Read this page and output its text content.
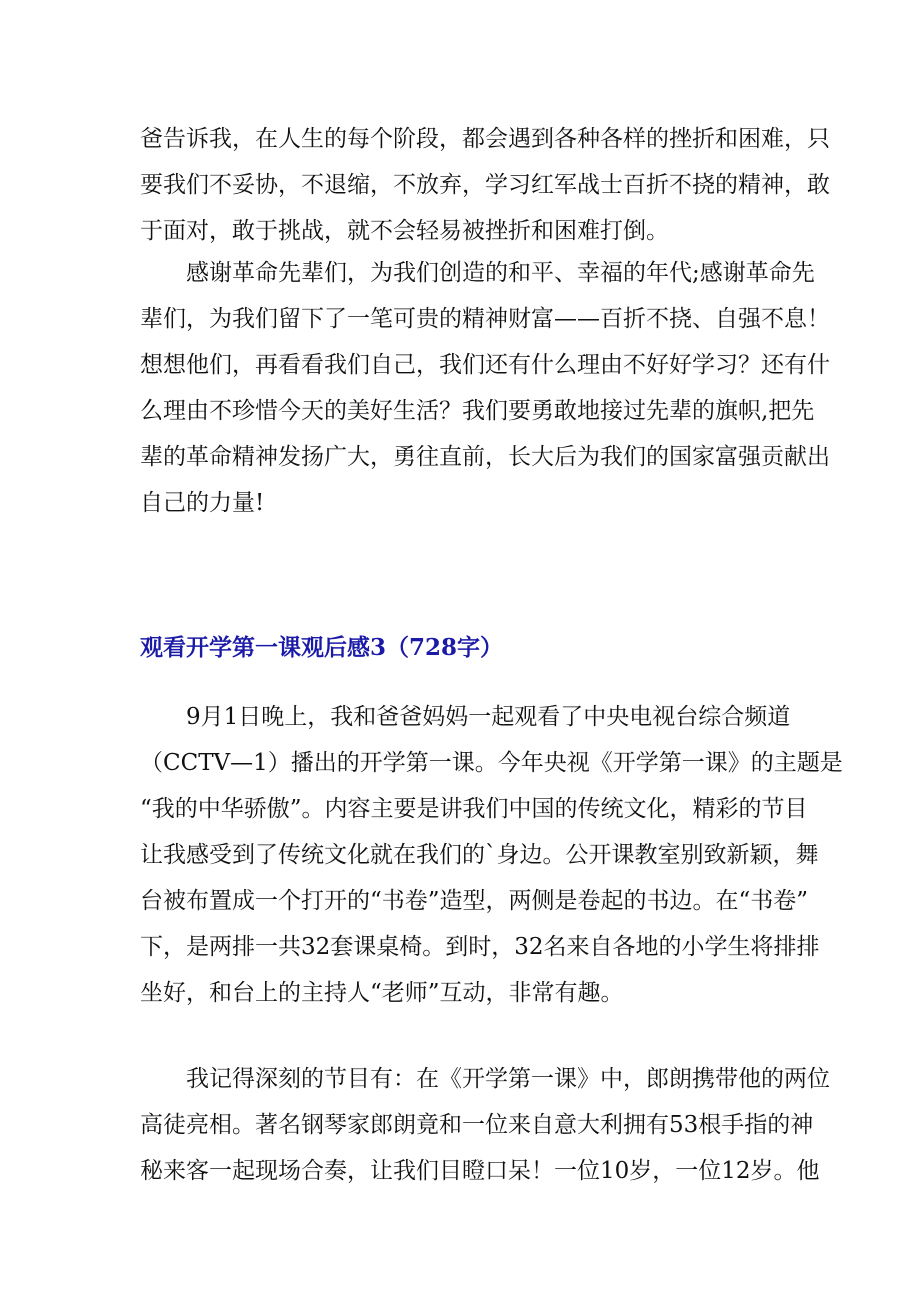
爸告诉我，在人生的每个阶段，都会遇到各种各样的挫折和困难，只
要我们不妥协，不退缩，不放弃，学习红军战士百折不挠的精神，敢
于面对，敢于挑战，就不会轻易被挫折和困难打倒。
感谢革命先辈们，为我们创造的和平、幸福的年代;感谢革命先
辈们，为我们留下了一笔可贵的精神财富——百折不挠、自强不息！
想想他们，再看看我们自己，我们还有什么理由不好好学习？还有什
么理由不珍惜今天的美好生活？我们要勇敢地接过先辈的旗帜,把先
辈的革命精神发扬广大，勇往直前，长大后为我们的国家富强贡献出
自己的力量!
观看开学第一课观后感3（728字）
9月1日晚上，我和爸爸妈妈一起观看了中央电视台综合频道
（CCTV—1）播出的开学第一课。今年央视《开学第一课》的主题是
“我的中华骄傲”。内容主要是讲我们中国的传统文化，精彩的节目
让我感受到了传统文化就在我们的`身边。公开课教室别致新颖，舞
台被布置成一个打开的“书卷”造型，两侧是卷起的书边。在“书卷”
下，是两排一共32套课桌椅。到时，32名来自各地的小学生将排排
坐好，和台上的主持人“老师”互动，非常有趣。
我记得深刻的节目有：在《开学第一课》中，郎朗携带他的两位
高徒亮相。著名钢琴家郎朗竟和一位来自意大利拥有53根手指的神
秘来客一起现场合奏，让我们目瞪口呆！一位10岁，一位12岁。他
